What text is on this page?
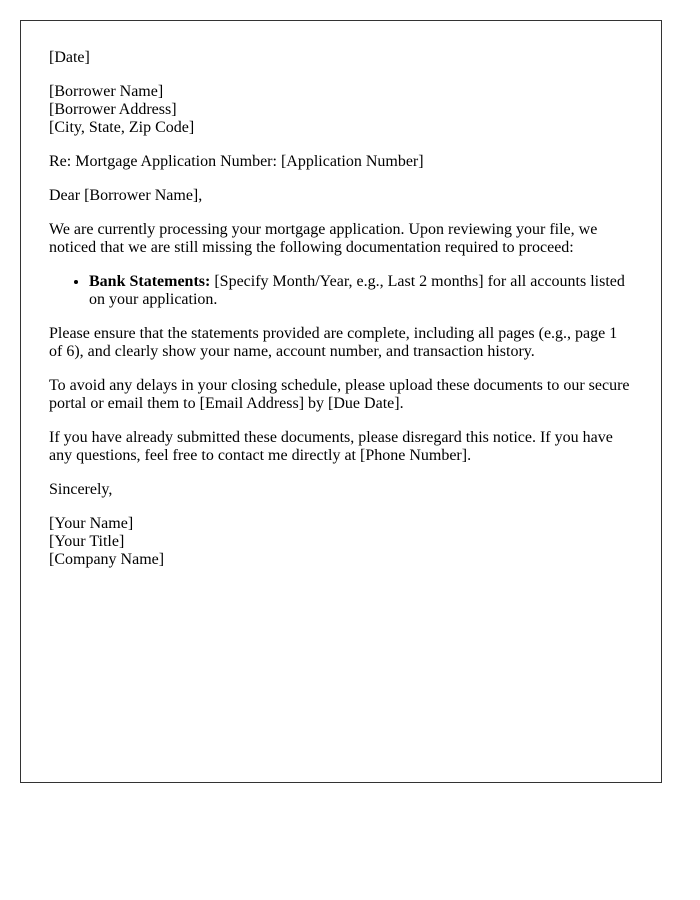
[Date]

[Borrower Name]
[Borrower Address]
[City, State, Zip Code]

Re: Mortgage Application Number: [Application Number]

Dear [Borrower Name],

We are currently processing your mortgage application. Upon reviewing your file, we noticed that we are still missing the following documentation required to proceed:

• Bank Statements: [Specify Month/Year, e.g., Last 2 months] for all accounts listed on your application.

Please ensure that the statements provided are complete, including all pages (e.g., page 1 of 6), and clearly show your name, account number, and transaction history.

To avoid any delays in your closing schedule, please upload these documents to our secure portal or email them to [Email Address] by [Due Date].

If you have already submitted these documents, please disregard this notice. If you have any questions, feel free to contact me directly at [Phone Number].

Sincerely,

[Your Name]
[Your Title]
[Company Name]
